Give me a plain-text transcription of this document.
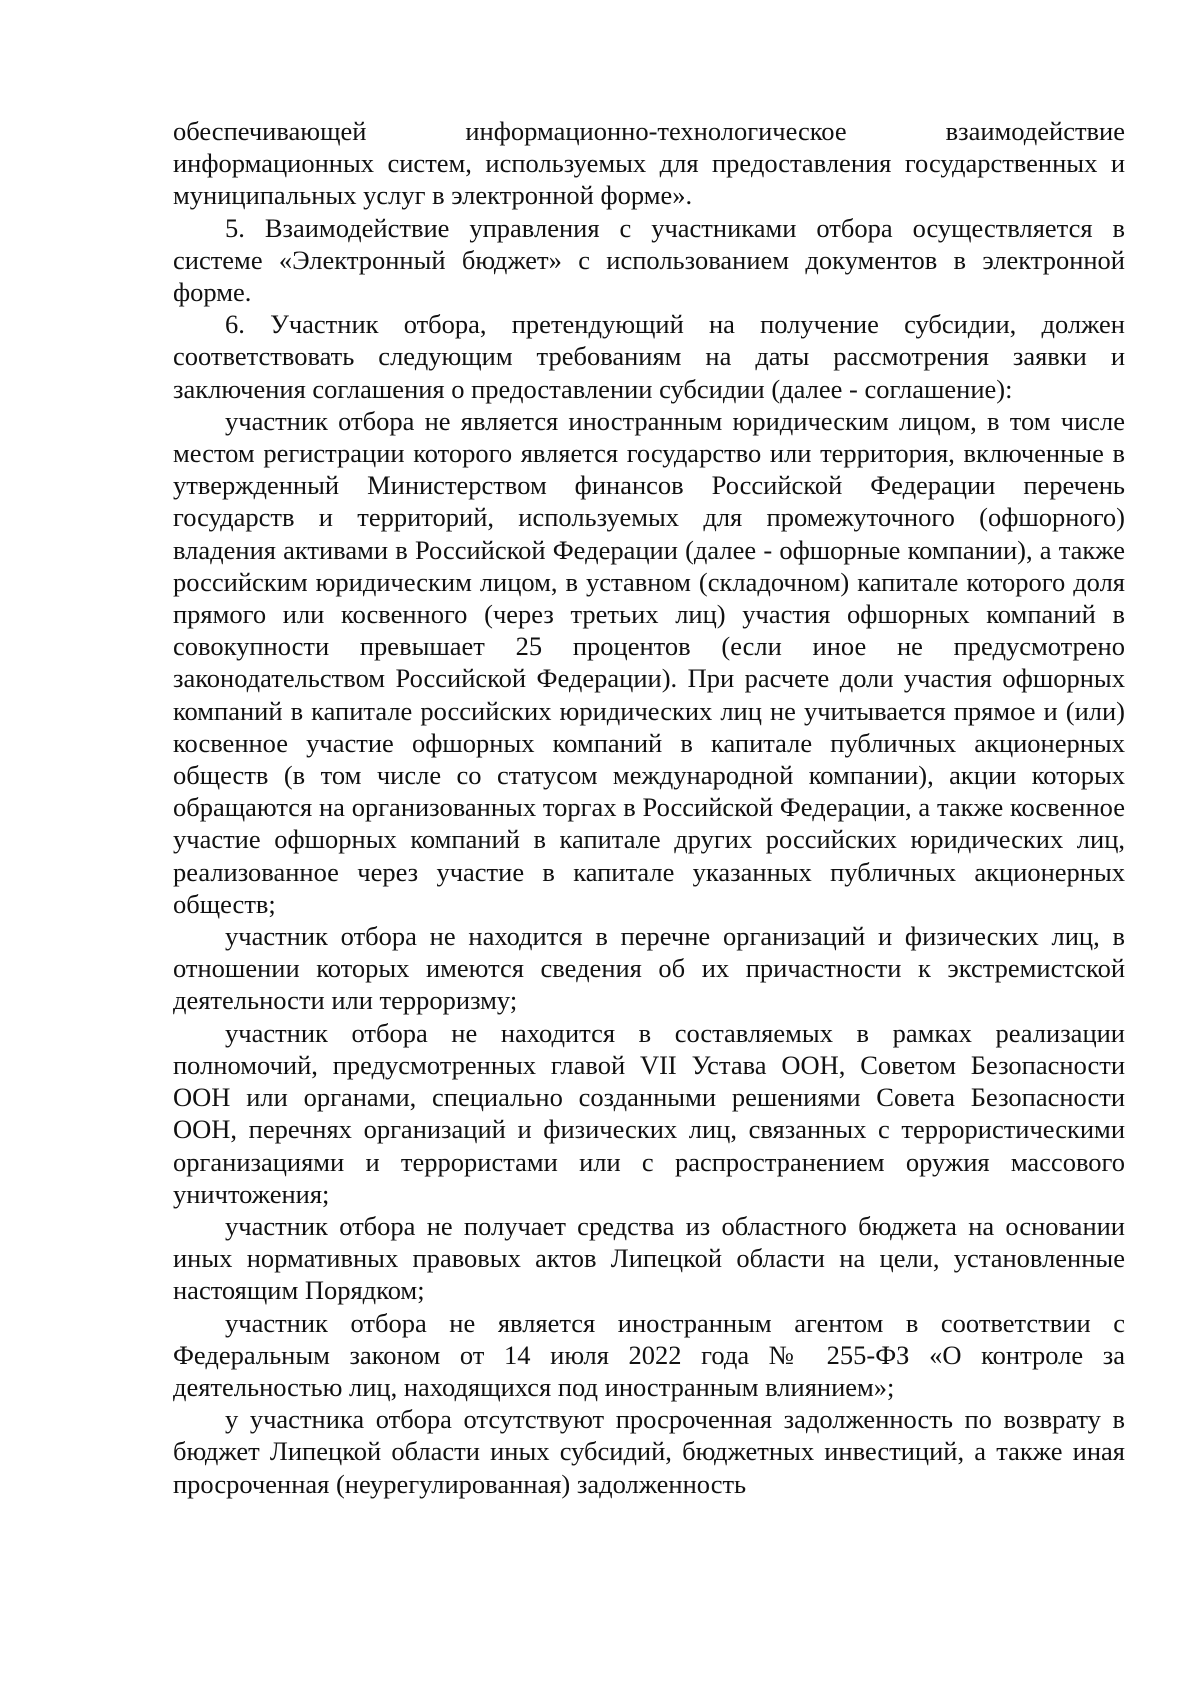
обеспечивающей информационно-технологическое взаимодействие информационных систем, используемых для предоставления государственных и муниципальных услуг в электронной форме».

5. Взаимодействие управления с участниками отбора осуществляется в системе «Электронный бюджет» с использованием документов в электронной форме.

6. Участник отбора, претендующий на получение субсидии, должен соответствовать следующим требованиям на даты рассмотрения заявки и заключения соглашения о предоставлении субсидии (далее - соглашение):

участник отбора не является иностранным юридическим лицом, в том числе местом регистрации которого является государство или территория, включенные в утвержденный Министерством финансов Российской Федерации перечень государств и территорий, используемых для промежуточного (офшорного) владения активами в Российской Федерации (далее - офшорные компании), а также российским юридическим лицом, в уставном (складочном) капитале которого доля прямого или косвенного (через третьих лиц) участия офшорных компаний в совокупности превышает 25 процентов (если иное не предусмотрено законодательством Российской Федерации). При расчете доли участия офшорных компаний в капитале российских юридических лиц не учитывается прямое и (или) косвенное участие офшорных компаний в капитале публичных акционерных обществ (в том числе со статусом международной компании), акции которых обращаются на организованных торгах в Российской Федерации, а также косвенное участие офшорных компаний в капитале других российских юридических лиц, реализованное через участие в капитале указанных публичных акционерных обществ;

участник отбора не находится в перечне организаций и физических лиц, в отношении которых имеются сведения об их причастности к экстремистской деятельности или терроризму;

участник отбора не находится в составляемых в рамках реализации полномочий, предусмотренных главой VII Устава ООН, Советом Безопасности ООН или органами, специально созданными решениями Совета Безопасности ООН, перечнях организаций и физических лиц, связанных с террористическими организациями и террористами или с распространением оружия массового уничтожения;

участник отбора не получает средства из областного бюджета на основании иных нормативных правовых актов Липецкой области на цели, установленные настоящим Порядком;

участник отбора не является иностранным агентом в соответствии с Федеральным законом от 14 июля 2022 года № 255-ФЗ «О контроле за деятельностью лиц, находящихся под иностранным влиянием»;

у участника отбора отсутствуют просроченная задолженность по возврату в бюджет Липецкой области иных субсидий, бюджетных инвестиций, а также иная просроченная (неурегулированная) задолженность
